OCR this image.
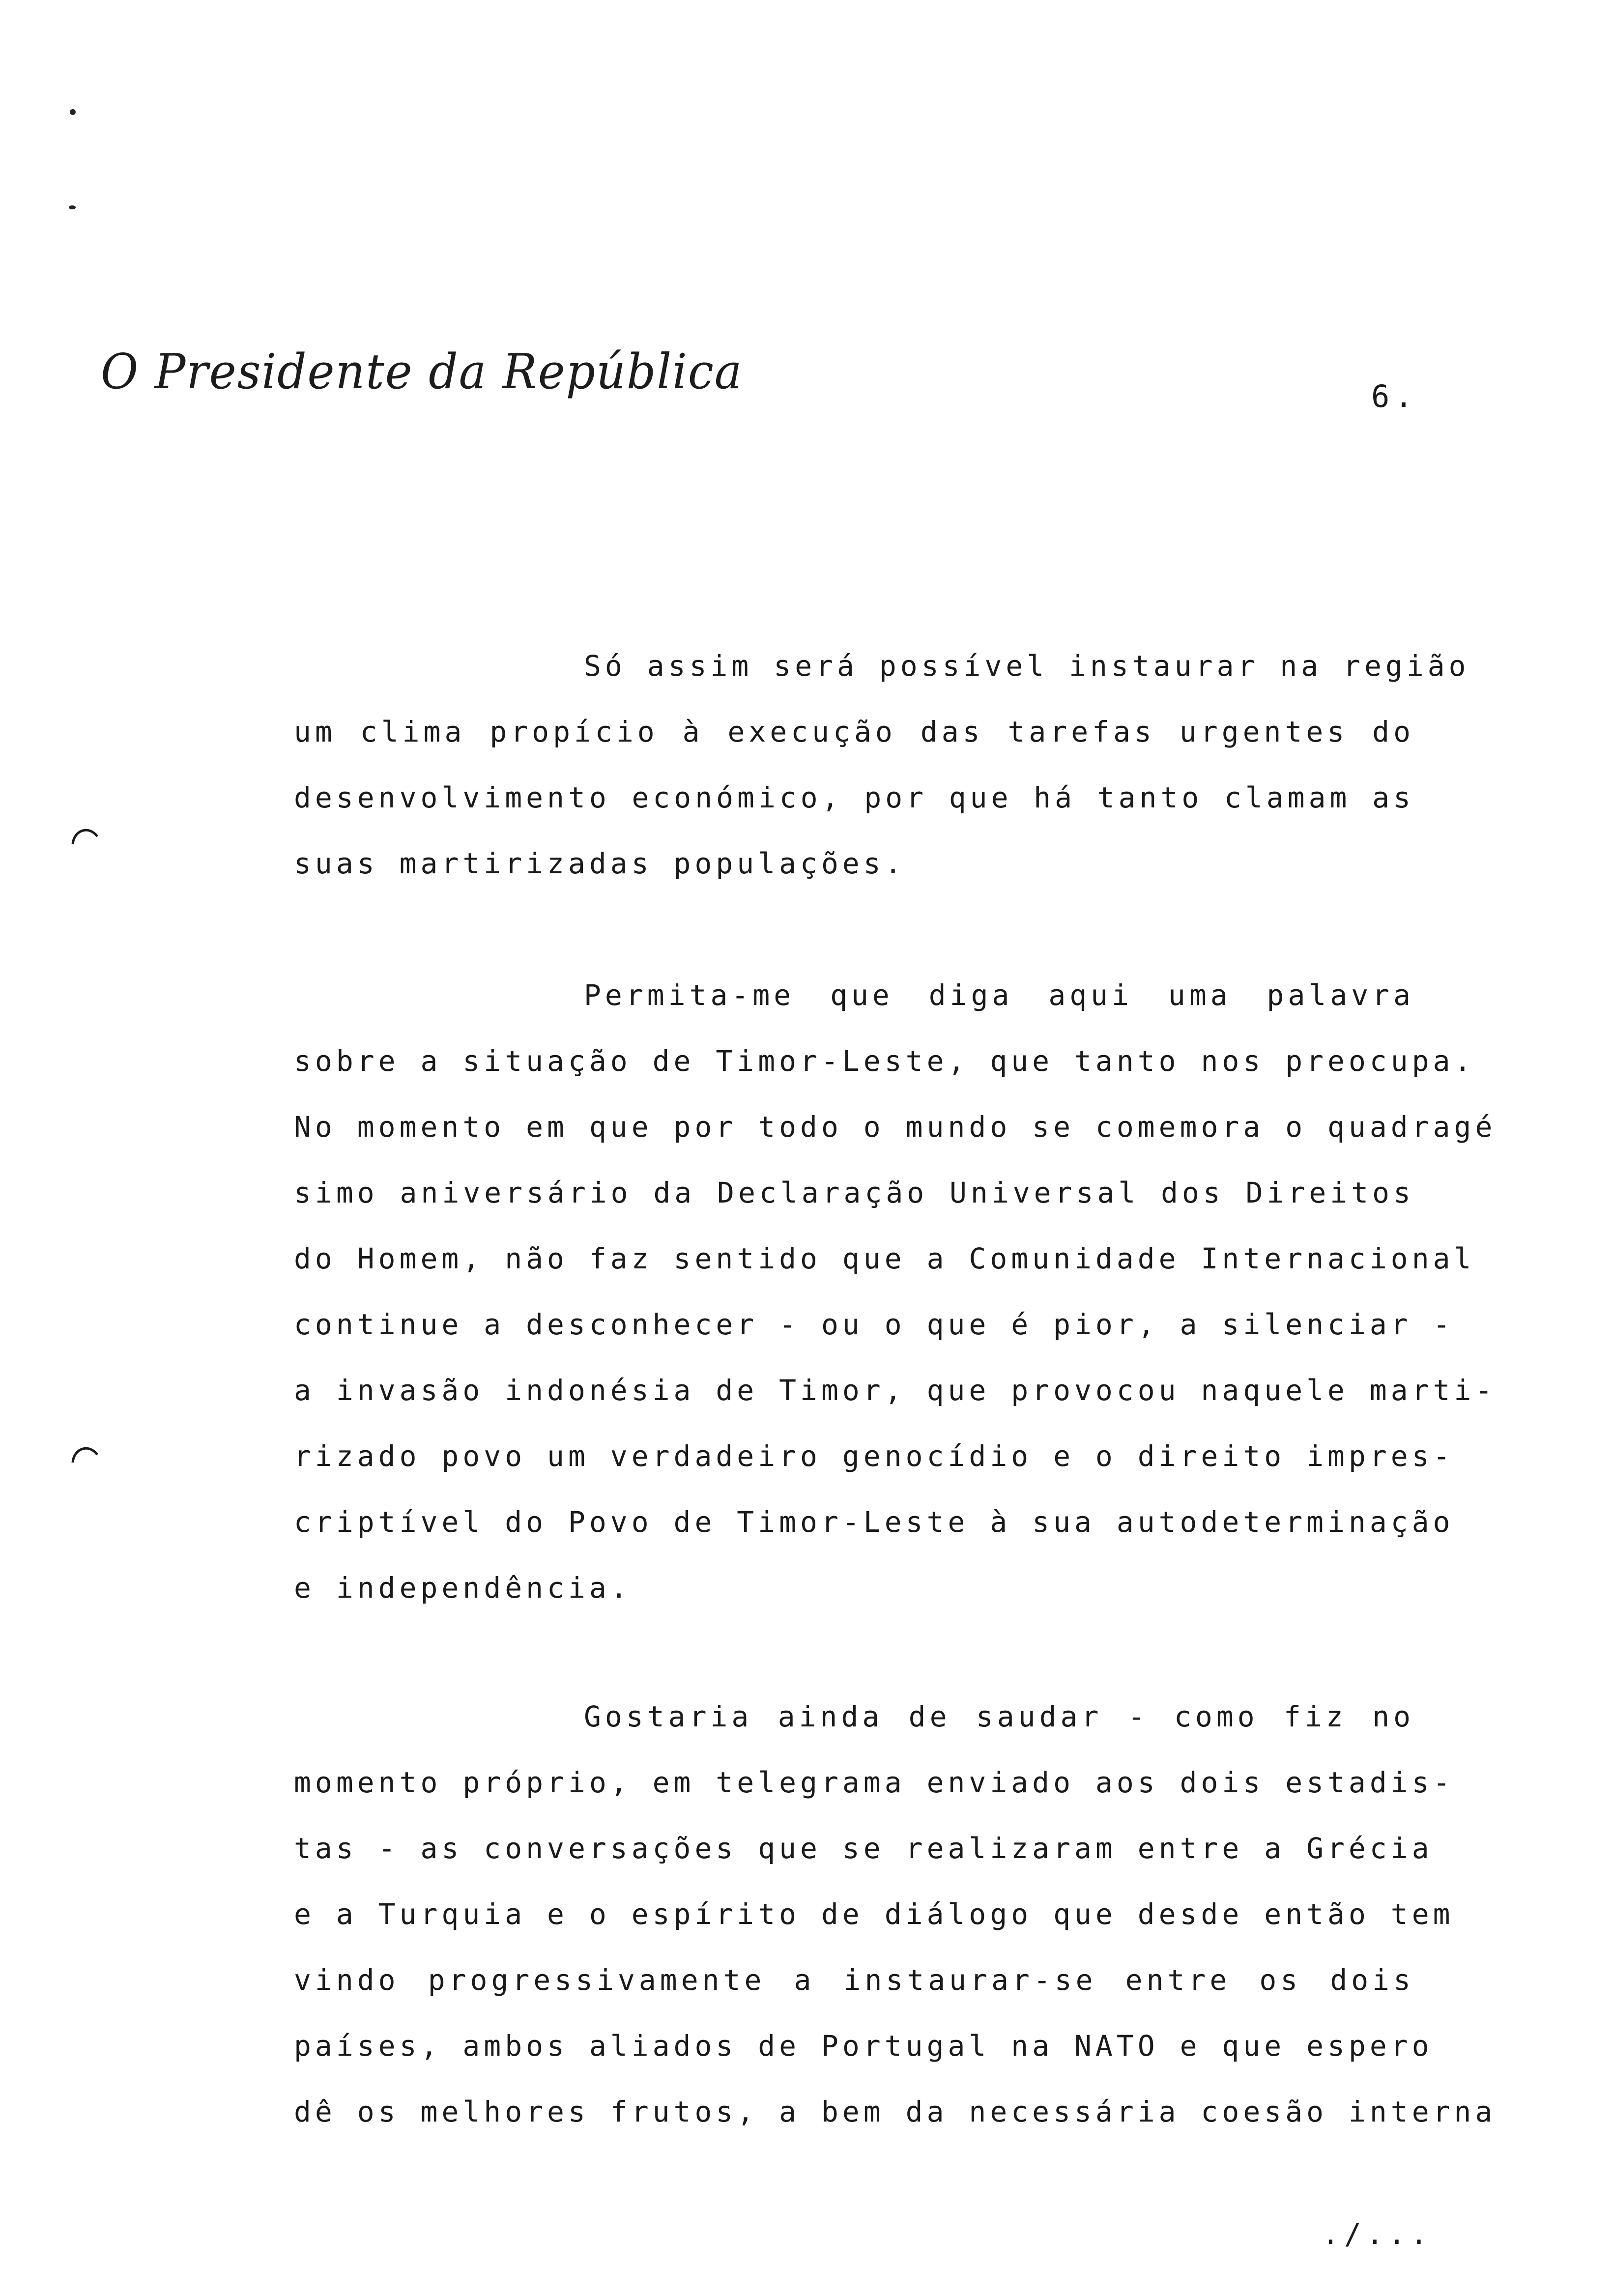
O Presidente da República	6.
Só assim será possível instaurar na região
um clima propício à execução das tarefas urgentes do
desenvolvimento económico, por que há tanto clamam as
suas martirizadas populações.
Permita-me que diga aqui uma palavra
sobre a situação de Timor-Leste, que tanto nos preocupa.
No momento em que por todo o mundo se comemora o quadragé
simo aniversário da Declaração Universal dos Direitos
do Homem, não faz sentido que a Comunidade Internacional
continue a desconhecer - ou o que é pior, a silenciar -
a invasão indonésia de Timor, que provocou naquele marti-
rizado povo um verdadeiro genocídio e o direito impres-
criptível do Povo de Timor-Leste à sua autodeterminação
e independência.
Gostaria ainda de saudar - como fiz no
momento próprio, em telegrama enviado aos dois estadis-
tas - as conversações que se realizaram entre a Grécia
e a Turquia e o espírito de diálogo que desde então tem
vindo progressivamente a instaurar-se entre os dois
países, ambos aliados de Portugal na NATO e que espero
dê os melhores frutos, a bem da necessária coesão interna
./...
